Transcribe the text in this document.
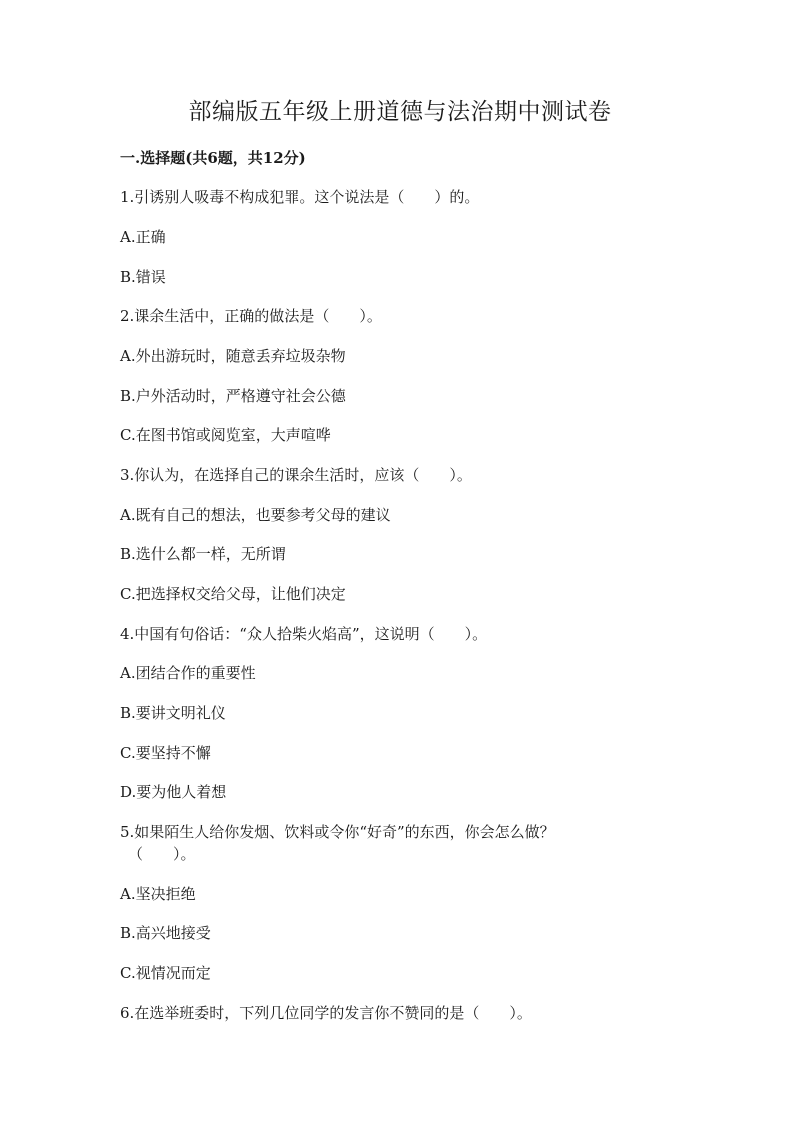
部编版五年级上册道德与法治期中测试卷
一.选择题(共6题，共12分)
1.引诱别人吸毒不构成犯罪。这个说法是（　　）的。
A.正确
B.错误
2.课余生活中，正确的做法是（　　）。
A.外出游玩时，随意丢弃垃圾杂物
B.户外活动时，严格遵守社会公德
C.在图书馆或阅览室，大声喧哗
3.你认为，在选择自己的课余生活时，应该（　　）。
A.既有自己的想法，也要参考父母的建议
B.选什么都一样，无所谓
C.把选择权交给父母，让他们决定
4.中国有句俗话：“众人拾柴火焰高”，这说明（　　）。
A.团结合作的重要性
B.要讲文明礼仪
C.要坚持不懈
D.要为他人着想
5.如果陌生人给你发烟、饮料或令你“好奇”的东西，你会怎么做？
（　　）。
A.坚决拒绝
B.高兴地接受
C.视情况而定
6.在选举班委时，下列几位同学的发言你不赞同的是（　　）。
